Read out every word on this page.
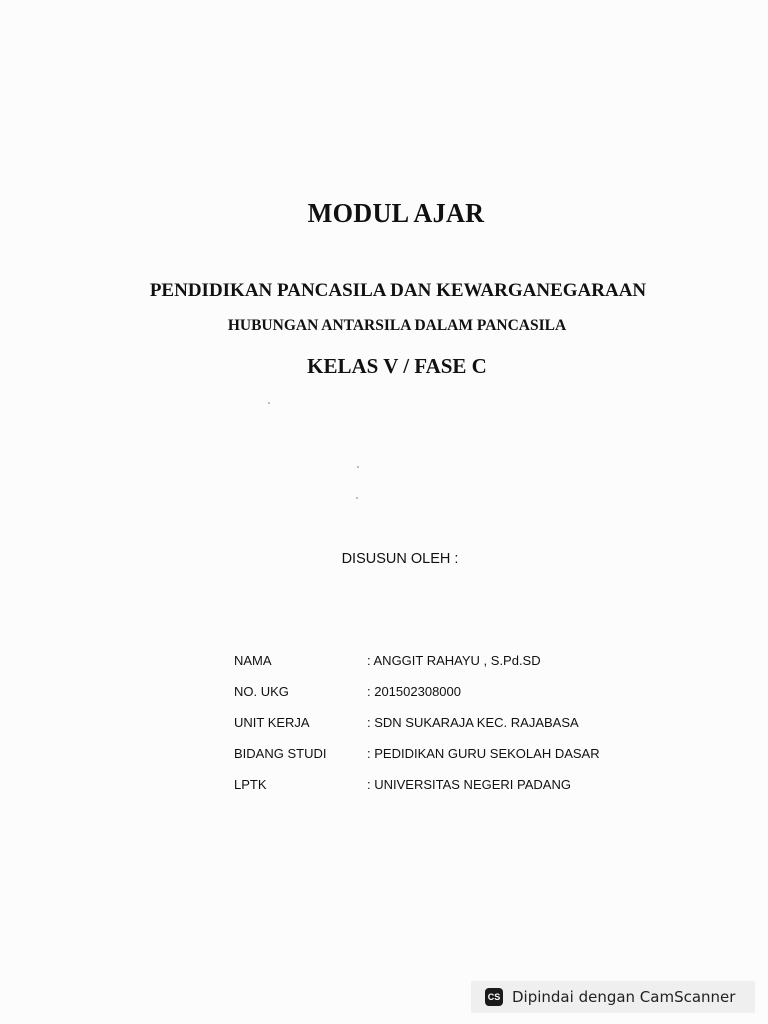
MODUL AJAR
PENDIDIKAN PANCASILA DAN KEWARGANEGARAAN
HUBUNGAN ANTARSILA DALAM PANCASILA
KELAS V / FASE C
DISUSUN OLEH :
NAMA	: ANGGIT RAHAYU , S.Pd.SD
NO. UKG	: 201502308000
UNIT KERJA	: SDN SUKARAJA KEC. RAJABASA
BIDANG STUDI	: PEDIDIKAN GURU SEKOLAH DASAR
LPTK	: UNIVERSITAS NEGERI PADANG
CS Dipindai dengan CamScanner
